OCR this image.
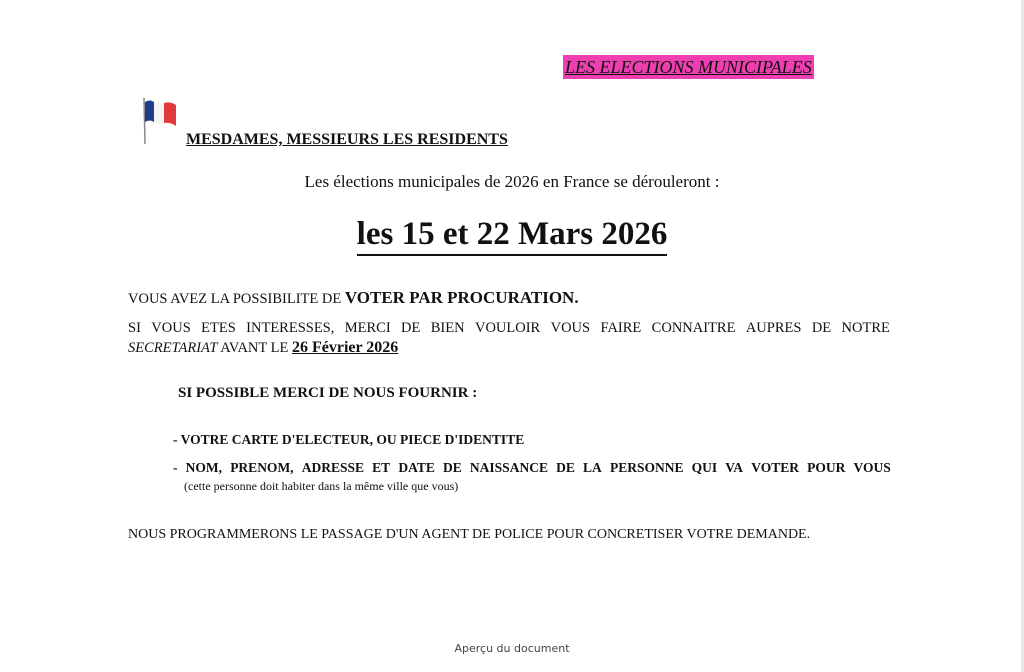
LES ELECTIONS MUNICIPALES
MESDAMES, MESSIEURS LES RESIDENTS
Les élections municipales de 2026 en France se dérouleront :
les 15 et 22 Mars 2026
VOUS AVEZ LA POSSIBILITE DE VOTER PAR PROCURATION.
SI VOUS ETES INTERESSES, MERCI DE BIEN VOULOIR VOUS FAIRE CONNAITRE AUPRES DE NOTRE
SECRETARIAT AVANT LE 26 Février 2026
SI POSSIBLE MERCI DE NOUS FOURNIR :
- VOTRE CARTE D'ELECTEUR, OU PIECE D'IDENTITE
- NOM, PRENOM, ADRESSE ET DATE DE NAISSANCE DE LA PERSONNE QUI VA VOTER POUR VOUS
(cette personne doit habiter dans la même ville que vous)
NOUS PROGRAMMERONS LE PASSAGE D'UN AGENT DE POLICE POUR CONCRETISER VOTRE DEMANDE.
Aperçu du document
